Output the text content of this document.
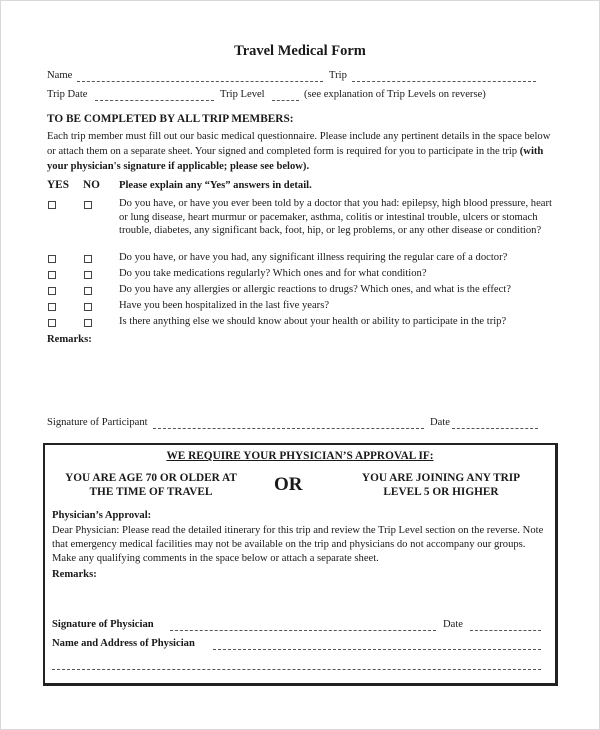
Travel Medical Form
Name	Trip
Trip Date	Trip Level	(see explanation of Trip Levels on reverse)
TO BE COMPLETED BY ALL TRIP MEMBERS:
Each trip member must fill out our basic medical questionnaire. Please include any pertinent details in the space below or attach them on a separate sheet. Your signed and completed form is required for you to participate in the trip (with your physician's signature if applicable; please see below).
YES NO Please explain any “Yes” answers in detail.
Do you have, or have you ever been told by a doctor that you had: epilepsy, high blood pressure, heart or lung disease, heart murmur or pacemaker, asthma, colitis or intestinal trouble, ulcers or stomach trouble, diabetes, any significant back, foot, hip, or leg problems, or any other disease or condition?
Do you have, or have you had, any significant illness requiring the regular care of a doctor?
Do you take medications regularly? Which ones and for what condition?
Do you have any allergies or allergic reactions to drugs? Which ones, and what is the effect?
Have you been hospitalized in the last five years?
Is there anything else we should know about your health or ability to participate in the trip?
Remarks:
Signature of Participant	Date
WE REQUIRE YOUR PHYSICIAN’S APPROVAL IF:
YOU ARE AGE 70 OR OLDER AT THE TIME OF TRAVEL	OR	YOU ARE JOINING ANY TRIP LEVEL 5 OR HIGHER
Physician’s Approval:
Dear Physician: Please read the detailed itinerary for this trip and review the Trip Level section on the reverse. Note that emergency medical facilities may not be available on the trip and physicians do not accompany our groups. Make any qualifying comments in the space below or attach a separate sheet.
Remarks:
Signature of Physician	Date
Name and Address of Physician
